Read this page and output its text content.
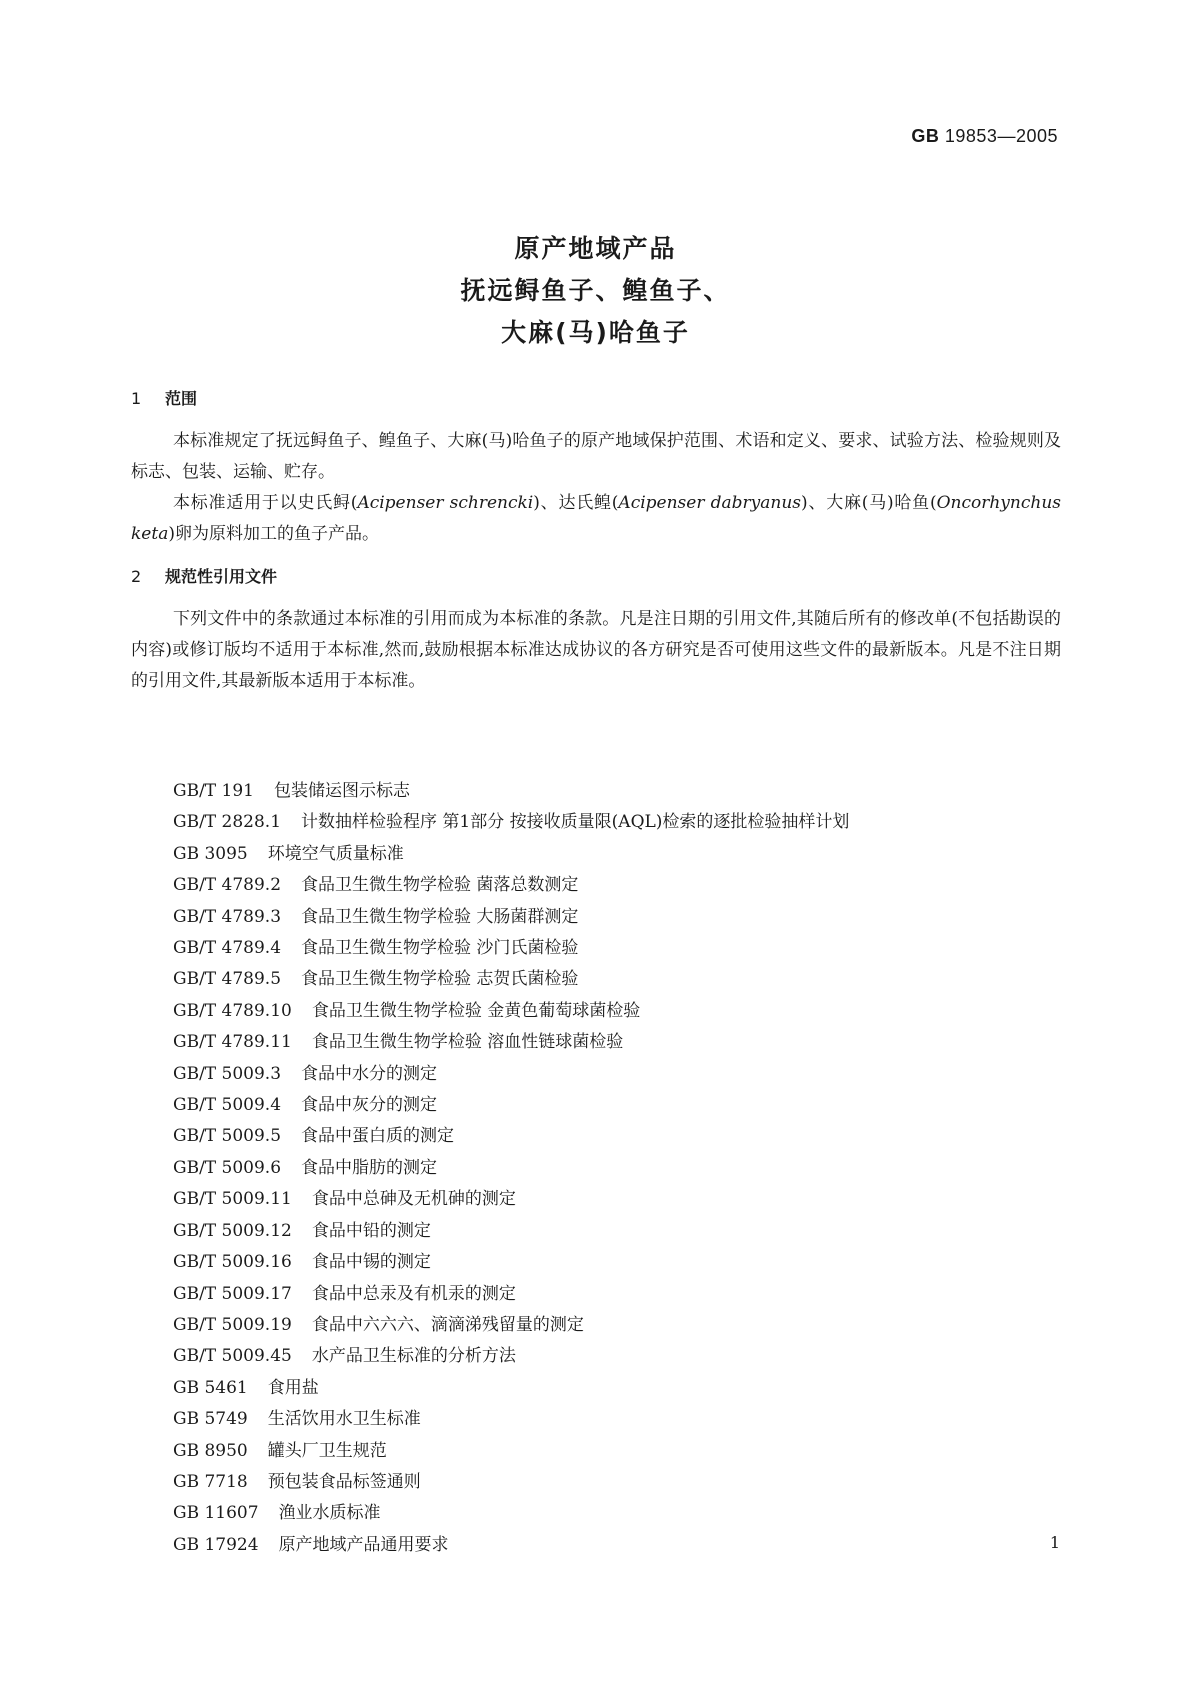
GB 19853—2005
原产地域产品
抚远鲟鱼子、鳇鱼子、
大麻(马)哈鱼子
1 范围
本标准规定了抚远鲟鱼子、鳇鱼子、大麻(马)哈鱼子的原产地域保护范围、术语和定义、要求、试验方法、检验规则及标志、包装、运输、贮存。
本标准适用于以史氏鲟(Acipenser schrencki)、达氏鳇(Acipenser dabryanus)、大麻(马)哈鱼(Oncorhynchus keta)卵为原料加工的鱼子产品。
2 规范性引用文件
下列文件中的条款通过本标准的引用而成为本标准的条款。凡是注日期的引用文件,其随后所有的修改单(不包括勘误的内容)或修订版均不适用于本标准,然而,鼓励根据本标准达成协议的各方研究是否可使用这些文件的最新版本。凡是不注日期的引用文件,其最新版本适用于本标准。
GB/T 191 包装储运图示标志
GB/T 2828.1 计数抽样检验程序 第1部分 按接收质量限(AQL)检索的逐批检验抽样计划
GB 3095 环境空气质量标准
GB/T 4789.2 食品卫生微生物学检验 菌落总数测定
GB/T 4789.3 食品卫生微生物学检验 大肠菌群测定
GB/T 4789.4 食品卫生微生物学检验 沙门氏菌检验
GB/T 4789.5 食品卫生微生物学检验 志贺氏菌检验
GB/T 4789.10 食品卫生微生物学检验 金黄色葡萄球菌检验
GB/T 4789.11 食品卫生微生物学检验 溶血性链球菌检验
GB/T 5009.3 食品中水分的测定
GB/T 5009.4 食品中灰分的测定
GB/T 5009.5 食品中蛋白质的测定
GB/T 5009.6 食品中脂肪的测定
GB/T 5009.11 食品中总砷及无机砷的测定
GB/T 5009.12 食品中铅的测定
GB/T 5009.16 食品中锡的测定
GB/T 5009.17 食品中总汞及有机汞的测定
GB/T 5009.19 食品中六六六、滴滴涕残留量的测定
GB/T 5009.45 水产品卫生标准的分析方法
GB 5461 食用盐
GB 5749 生活饮用水卫生标准
GB 8950 罐头厂卫生规范
GB 7718 预包装食品标签通则
GB 11607 渔业水质标准
GB 17924 原产地域产品通用要求	1
